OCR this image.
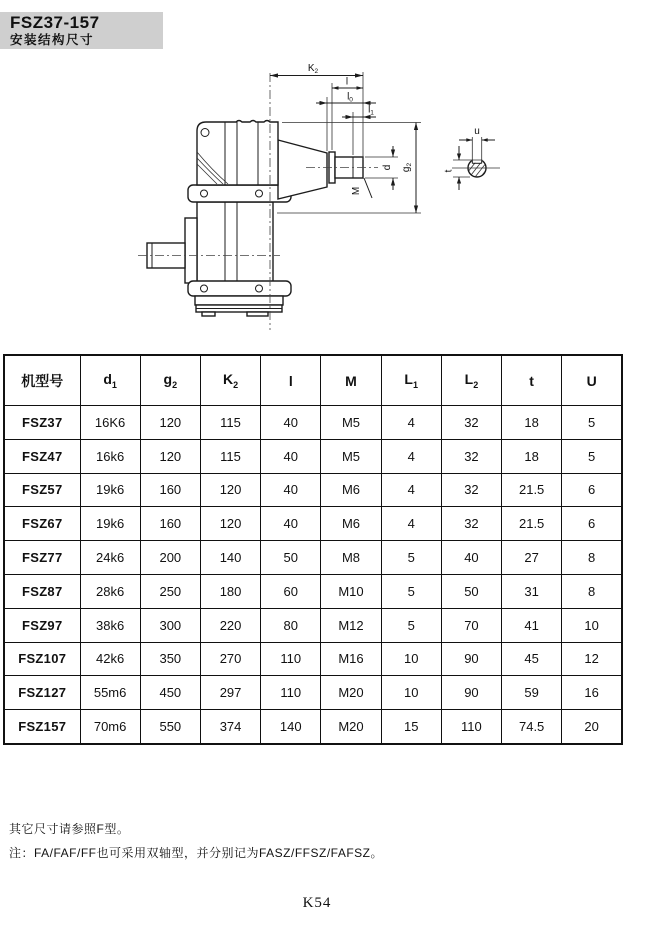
FSZ37-157
安装结构尺寸
$K_2$
l
$l_0$
$l_1$
d $g_2$
M
u
t
机型号	$d_1$	$g_2$	$K_2$	l	M	$L_1$	$L_2$	t	U
FSZ37	16K6	120	115	40	M5	4	32	18	5
FSZ47	16k6	120	115	40	M5	4	32	18	5
FSZ57	19k6	160	120	40	M6	4	32	21.5	6
FSZ67	19k6	160	120	40	M6	4	32	21.5	6
FSZ77	24k6	200	140	50	M8	5	40	27	8
FSZ87	28k6	250	180	60	M10	5	50	31	8
FSZ97	38k6	300	220	80	M12	5	70	41	10
FSZ107	42k6	350	270	110	M16	10	90	45	12
FSZ127	55m6	450	297	110	M20	10	90	59	16
FSZ157	70m6	550	374	140	M20	15	110	74.5	20
其它尺寸请参照F型。
注：FA/FAF/FF也可采用双轴型，并分别记为FASZ/FFSZ/FAFSZ。
K54
